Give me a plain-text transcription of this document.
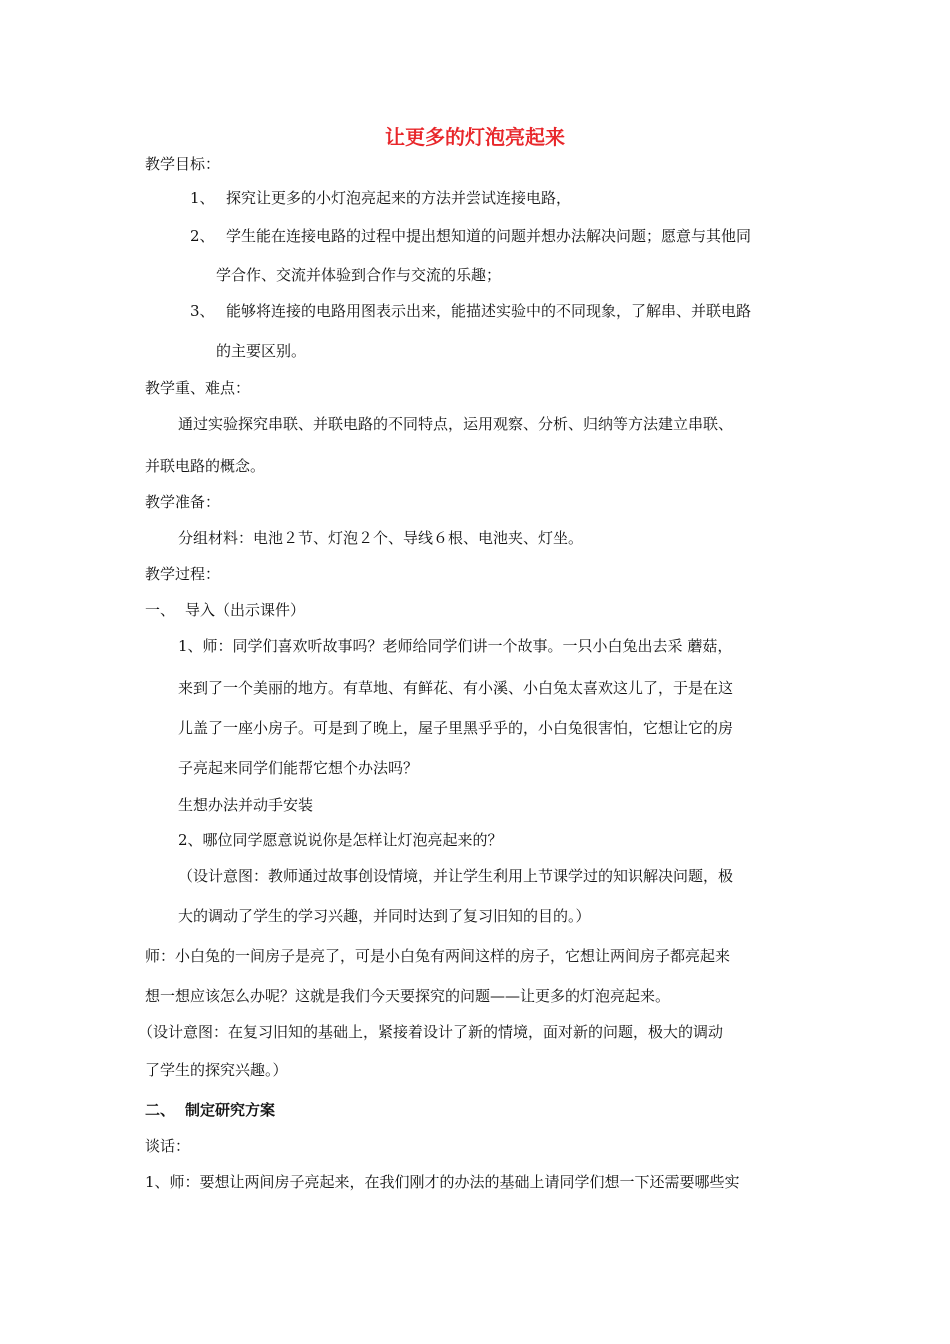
让更多的灯泡亮起来
教学目标：
1、 探究让更多的小灯泡亮起来的方法并尝试连接电路，
2、 学生能在连接电路的过程中提出想知道的问题并想办法解决问题；愿意与其他同
学合作、交流并体验到合作与交流的乐趣；
3、 能够将连接的电路用图表示出来，能描述实验中的不同现象，了解串、并联电路
的主要区别。
教学重、难点：
通过实验探究串联、并联电路的不同特点，运用观察、分析、归纳等方法建立串联、
并联电路的概念。
教学准备：
分组材料：电池２节、灯泡２个、导线６根、电池夹、灯坐。
教学过程：
一、 导入（出示课件）
1、师：同学们喜欢听故事吗？老师给同学们讲一个故事。一只小白兔出去采 蘑菇，
来到了一个美丽的地方。有草地、有鲜花、有小溪、小白兔太喜欢这儿了，于是在这
儿盖了一座小房子。可是到了晚上，屋子里黑乎乎的，小白兔很害怕，它想让它的房
子亮起来同学们能帮它想个办法吗？
生想办法并动手安装
2、哪位同学愿意说说你是怎样让灯泡亮起来的？
（设计意图：教师通过故事创设情境，并让学生利用上节课学过的知识解决问题，极
大的调动了学生的学习兴趣，并同时达到了复习旧知的目的。）
师：小白兔的一间房子是亮了，可是小白兔有两间这样的房子，它想让两间房子都亮起来
想一想应该怎么办呢？这就是我们今天要探究的问题——让更多的灯泡亮起来。
（设计意图：在复习旧知的基础上，紧接着设计了新的情境，面对新的问题，极大的调动
了学生的探究兴趣。）
二、 制定研究方案
谈话：
1、师：要想让两间房子亮起来，在我们刚才的办法的基础上请同学们想一下还需要哪些实
